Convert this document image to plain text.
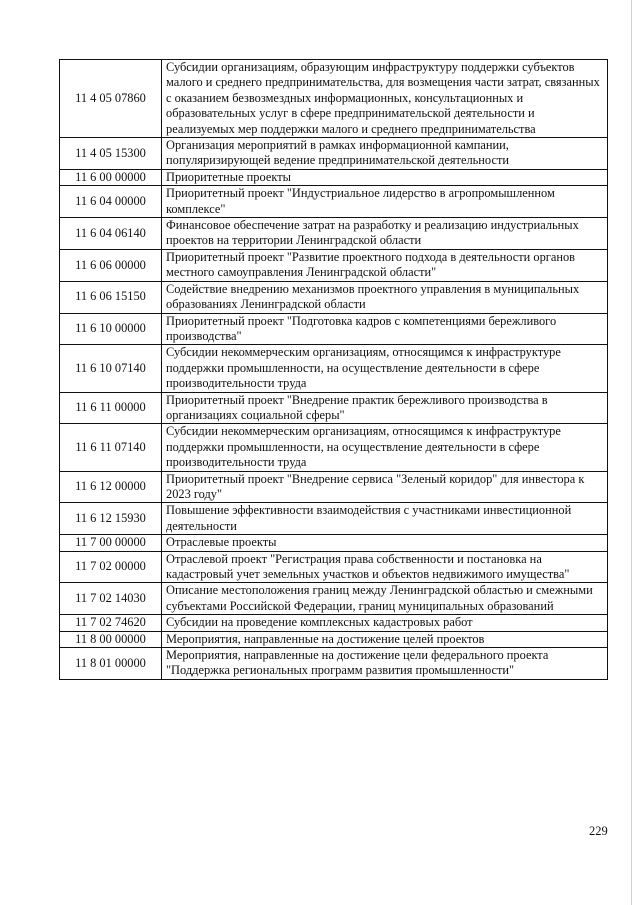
11 4 05 07860	Субсидии организациям, образующим инфраструктуру поддержки субъектов малого и среднего предпринимательства, для возмещения части затрат, связанных с оказанием безвозмездных информационных, консультационных и образовательных услуг в сфере предпринимательской деятельности и реализуемых мер поддержки малого и среднего предпринимательства
11 4 05 15300	Организация мероприятий в рамках информационной кампании, популяризирующей ведение предпринимательской деятельности
11 6 00 00000	Приоритетные проекты
11 6 04 00000	Приоритетный проект "Индустриальное лидерство в агропромышленном комплексе"
11 6 04 06140	Финансовое обеспечение затрат на разработку и реализацию индустриальных проектов на территории Ленинградской области
11 6 06 00000	Приоритетный проект "Развитие проектного подхода в деятельности органов местного самоуправления Ленинградской области"
11 6 06 15150	Содействие внедрению механизмов проектного управления в муниципальных образованиях Ленинградской области
11 6 10 00000	Приоритетный проект "Подготовка кадров с компетенциями бережливого производства"
11 6 10 07140	Субсидии некоммерческим организациям, относящимся к инфраструктуре поддержки промышленности, на осуществление деятельности в сфере производительности труда
11 6 11 00000	Приоритетный проект "Внедрение практик бережливого производства в организациях социальной сферы"
11 6 11 07140	Субсидии некоммерческим организациям, относящимся к инфраструктуре поддержки промышленности, на осуществление деятельности в сфере производительности труда
11 6 12 00000	Приоритетный проект "Внедрение сервиса "Зеленый коридор" для инвестора к 2023 году"
11 6 12 15930	Повышение эффективности взаимодействия с участниками инвестиционной деятельности
11 7 00 00000	Отраслевые проекты
11 7 02 00000	Отраслевой проект "Регистрация права собственности и постановка на кадастровый учет земельных участков и объектов недвижимого имущества"
11 7 02 14030	Описание местоположения границ между Ленинградской областью и смежными субъектами Российской Федерации, границ муниципальных образований
11 7 02 74620	Субсидии на проведение комплексных кадастровых работ
11 8 00 00000	Мероприятия, направленные на достижение целей проектов
11 8 01 00000	Мероприятия, направленные на достижение цели федерального проекта "Поддержка региональных программ развития промышленности"
229
